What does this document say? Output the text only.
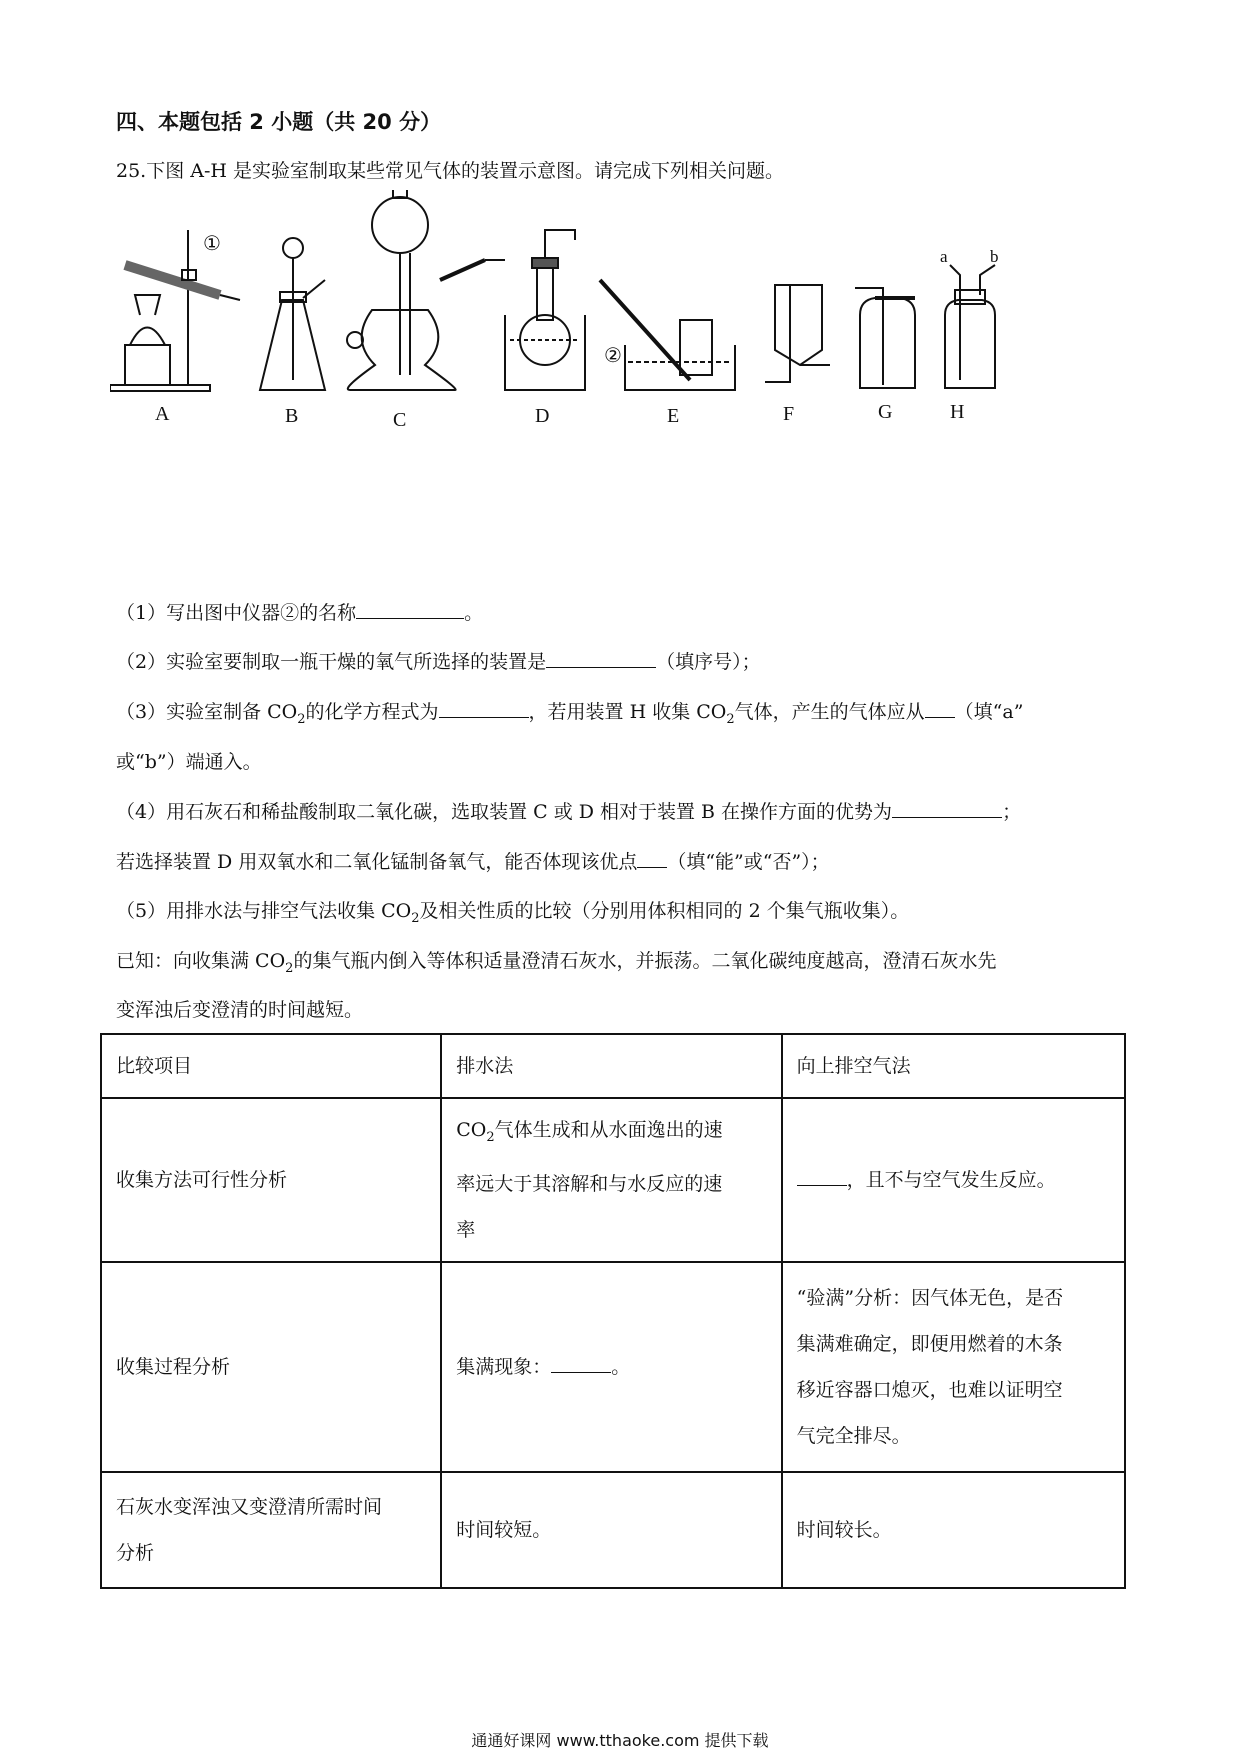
四、本题包括 2 小题（共 20 分）
25.下图 A-H 是实验室制取某些常见气体的装置示意图。请完成下列相关问题。
A	B	C	D	E	F	G	H
①
②
a b
（1）写出图中仪器②的名称	。
（2）实验室要制取一瓶干燥的氧气所选择的装置是	（填序号）；
（3）实验室制备 $CO_2$的化学方程式为	，若用装置 H 收集 $CO_2$气体，产生的气体应从 （填“a”
或“b”）端通入。
（4）用石灰石和稀盐酸制取二氧化碳，选取装置 C 或 D 相对于装置 B 在操作方面的优势为	；
若选择装置 D 用双氧水和二氧化锰制备氧气，能否体现该优点 （填“能”或“否”）；
（5）用排水法与排空气法收集 $CO_2$及相关性质的比较（分别用体积相同的 2 个集气瓶收集）。
已知：向收集满 $CO_2$的集气瓶内倒入等体积适量澄清石灰水，并振荡。二氧化碳纯度越高，澄清石灰水先
变浑浊后变澄清的时间越短。
比较项目	排水法	向上排空气法
收集方法可行性分析	$CO_2$气体生成和从水面逸出的速
率远大于其溶解和与水反应的速
率	，且不与空气发生反应。
收集过程分析	集满现象： 。	“验满”分析：因气体无色，是否
集满难确定，即便用燃着的木条
移近容器口熄灭，也难以证明空
气完全排尽。
石灰水变浑浊又变澄清所需时间
分析	时间较短。	时间较长。
通通好课网 www.tthaoke.com 提供下载
